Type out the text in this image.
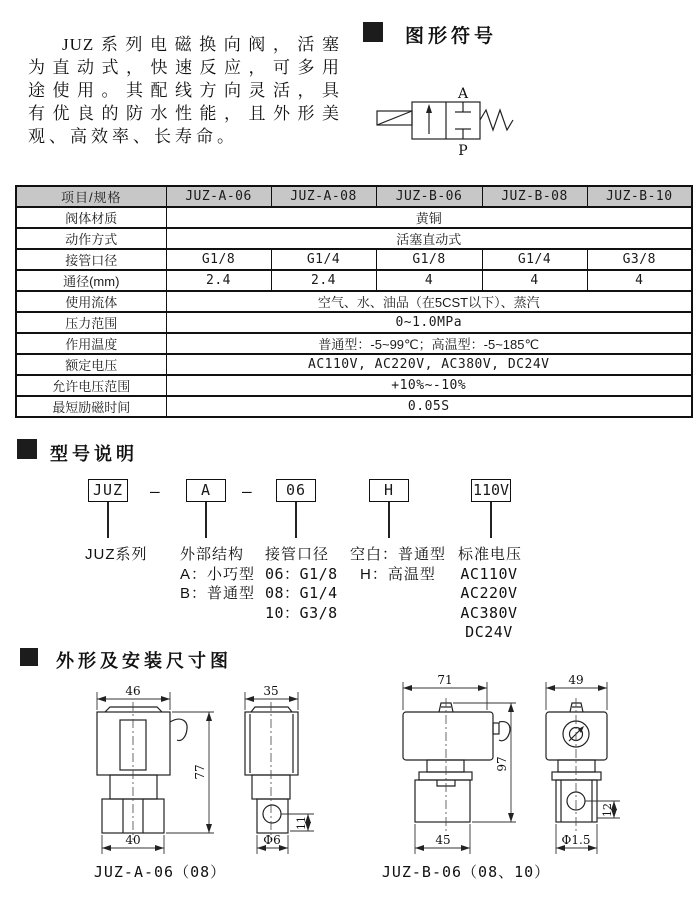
JUZ系列电磁换向阀，活塞
为直动式，快速反应，可多用
途使用。其配线方向灵活，具
有优良的防水性能，且外形美
观、高效率、长寿命。
图形符号
A
P
项目/规格	JUZ-A-06	JUZ-A-08	JUZ-B-06	JUZ-B-08	JUZ-B-10
阀体材质	黄铜				
动作方式	活塞直动式				
接管口径	G1/8	G1/4	G1/8	G1/4	G3/8
通径(mm)	2.4	2.4	4	4	4
使用流体	空气、水、油品（在5CST以下）、蒸汽				
压力范围	0~1.0MPa				
作用温度	普通型：-5~99℃；高温型：-5~185℃				
额定电压	AC110V, AC220V, AC380V, DC24V				
允许电压范围	+10%~-10%				
最短励磁时间	0.05S				
型号说明
JUZ	—	A	—	06	H	110V
JUZ系列 外部结构
A：小巧型
B：普通型
接管口径
06：G1/8
08：G1/4
10：G3/8
空白：普通型
H：高温型
标准电压
AC110V
AC220V
AC380V
DC24V
外形及安装尺寸图
46
77
40
35
11
Φ6
JUZ-A-06（08）
71
97
45
49
12
Φ1.5
JUZ-B-06（08、10）
